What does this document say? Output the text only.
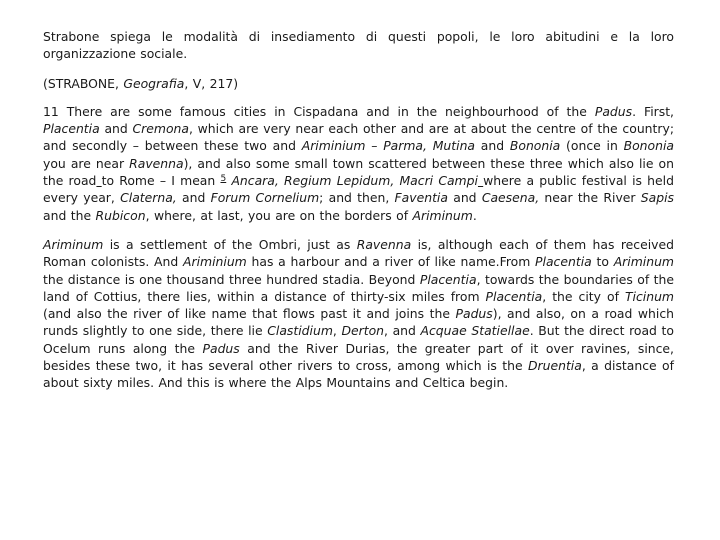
Strabone spiega le modalità di insediamento di questi popoli, le loro abitudini e la loro organizzazione sociale.

(STRABONE, Geografia, V, 217)

11 There are some famous cities in Cispadana and in the neighbourhood of the Padus. First, Placentia and Cremona, which are very near each other and are at about the centre of the country; and secondly – between these two and Ariminium – Parma, Mutina and Bononia (once in Bononia you are near Ravenna), and also some small town scattered between these three which also lie on the road to Rome – I mean $^5$ Ancara, Regium Lepidum, Macri Campi where a public festival is held every year, Claterna, and Forum Cornelium; and then, Faventia and Caesena, near the River Sapis and the Rubicon, where, at last, you are on the borders of Ariminum.

Ariminum is a settlement of the Ombri, just as Ravenna is, although each of them has received Roman colonists. And Ariminium has a harbour and a river of like name.From Placentia to Ariminum the distance is one thousand three hundred stadia. Beyond Placentia, towards the boundaries of the land of Cottius, there lies, within a distance of thirty-six miles from Placentia, the city of Ticinum (and also the river of like name that flows past it and joins the Padus), and also, on a road which runds slightly to one side, there lie Clastidium, Derton, and Acquae Statiellae. But the direct road to Ocelum runs along the Padus and the River Durias, the greater part of it over ravines, since, besides these two, it has several other rivers to cross, among which is the Druentia, a distance of about sixty miles. And this is where the Alps Mountains and Celtica begin.
